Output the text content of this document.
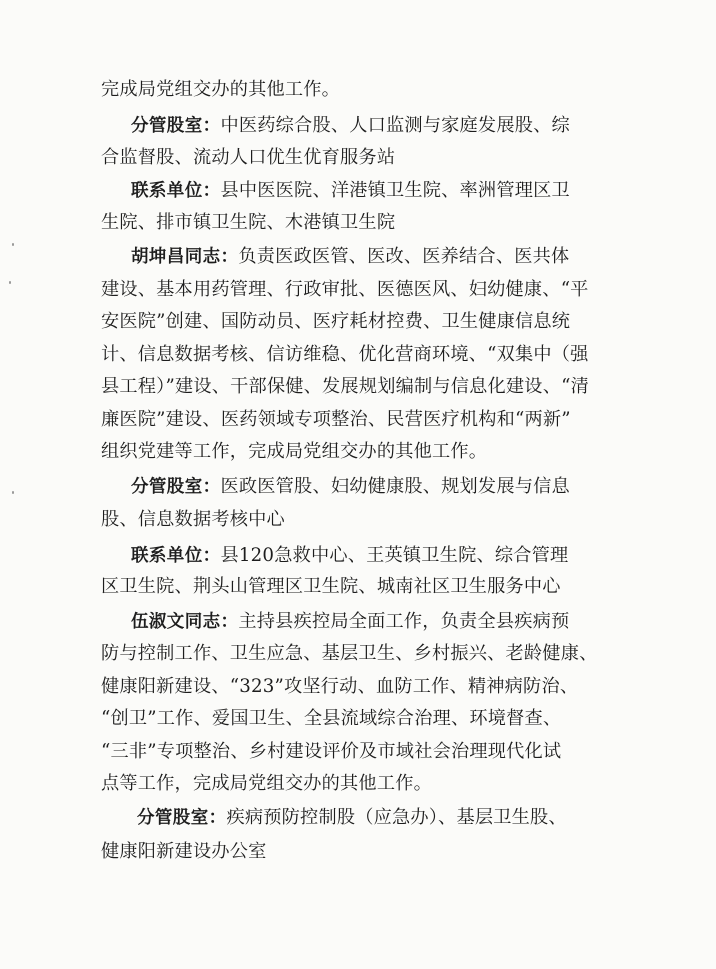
完成局党组交办的其他工作。
分管股室：中医药综合股、人口监测与家庭发展股、综
合监督股、流动人口优生优育服务站
联系单位：县中医医院、洋港镇卫生院、率洲管理区卫
生院、排市镇卫生院、木港镇卫生院
胡坤昌同志：负责医政医管、医改、医养结合、医共体
建设、基本用药管理、行政审批、医德医风、妇幼健康、“平
安医院”创建、国防动员、医疗耗材控费、卫生健康信息统
计、信息数据考核、信访维稳、优化营商环境、“双集中（强
县工程）”建设、干部保健、发展规划编制与信息化建设、“清
廉医院”建设、医药领域专项整治、民营医疗机构和“两新”
组织党建等工作，完成局党组交办的其他工作。
分管股室：医政医管股、妇幼健康股、规划发展与信息
股、信息数据考核中心
联系单位：县120急救中心、王英镇卫生院、综合管理
区卫生院、荆头山管理区卫生院、城南社区卫生服务中心
伍淑文同志：主持县疾控局全面工作，负责全县疾病预
防与控制工作、卫生应急、基层卫生、乡村振兴、老龄健康、
健康阳新建设、“323”攻坚行动、血防工作、精神病防治、
“创卫”工作、爱国卫生、全县流域综合治理、环境督查、
“三非”专项整治、乡村建设评价及市域社会治理现代化试
点等工作，完成局党组交办的其他工作。
分管股室：疾病预防控制股（应急办）、基层卫生股、
健康阳新建设办公室
